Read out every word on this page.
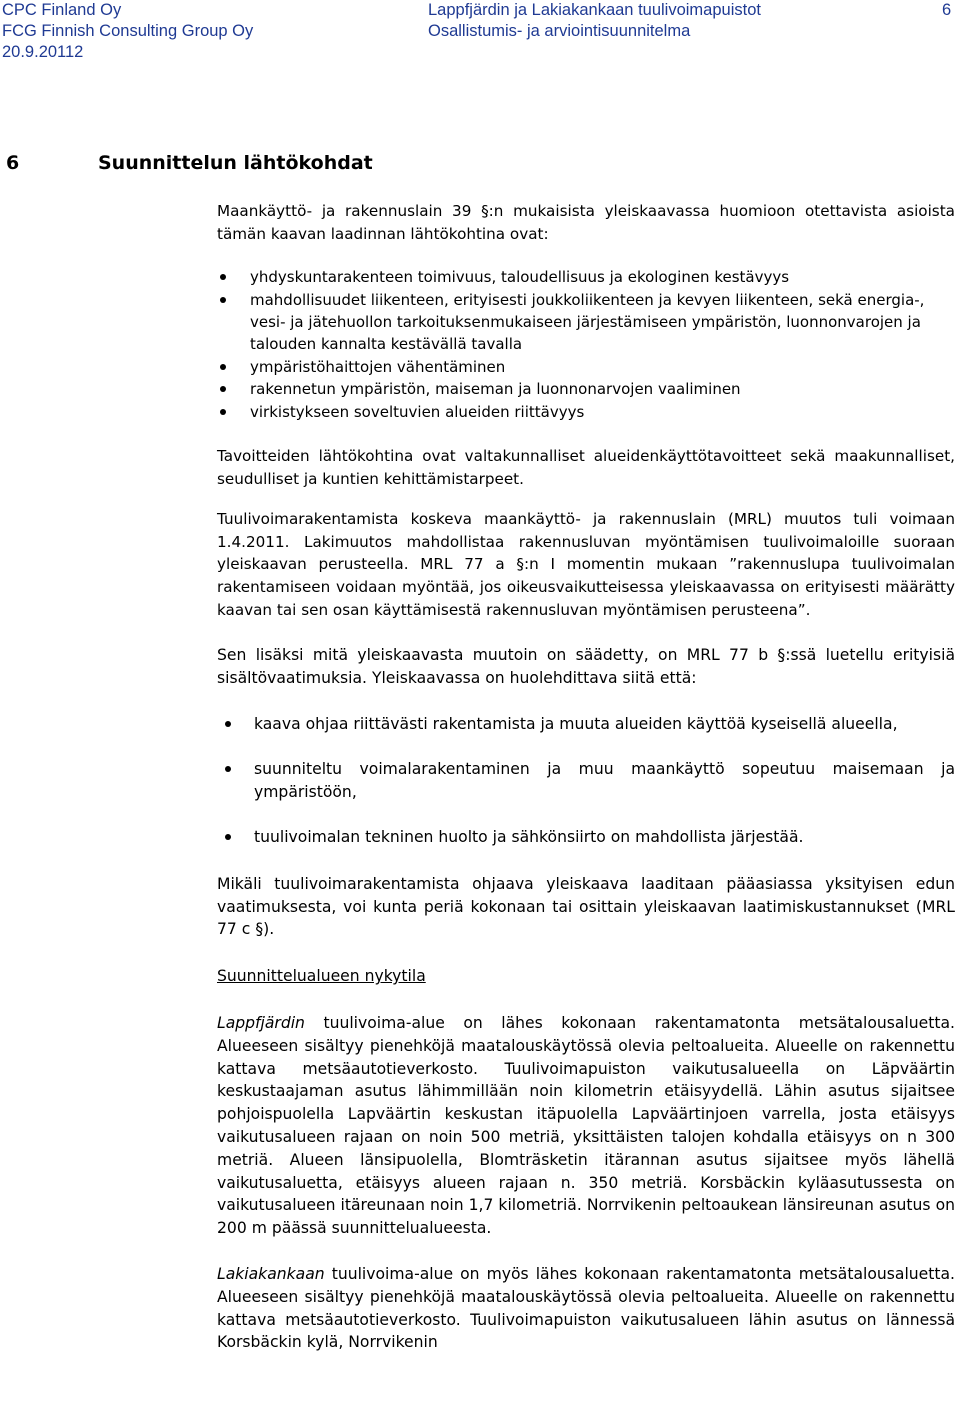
CPC Finland Oy
FCG Finnish Consulting Group Oy
20.9.20112
Lappfjärdin ja Lakiakankaan tuulivoimapuistot
Osallistumis- ja arviointisuunnitelma
6
6	Suunnittelun lähtökohdat

Maankäyttö- ja rakennuslain 39 §:n mukaisista yleiskaavassa huomioon otettavista asioista tämän kaavan laadinnan lähtökohtina ovat:

yhdyskuntarakenteen toimivuus, taloudellisuus ja ekologinen kestävyys
mahdollisuudet liikenteen, erityisesti joukkoliikenteen ja kevyen liikenteen, sekä energia-, vesi- ja jätehuollon tarkoituksenmukaiseen järjestämiseen ympäristön, luonnonvarojen ja talouden kannalta kestävällä tavalla
ympäristöhaittojen vähentäminen
rakennetun ympäristön, maiseman ja luonnonarvojen vaaliminen
virkistykseen soveltuvien alueiden riittävyys

Tavoitteiden lähtökohtina ovat valtakunnalliset alueidenkäyttötavoitteet sekä maakunnalliset, seudulliset ja kuntien kehittämistarpeet.

Tuulivoimarakentamista koskeva maankäyttö- ja rakennuslain (MRL) muutos tuli voimaan 1.4.2011. Lakimuutos mahdollistaa rakennusluvan myöntämisen tuulivoimaloille suoraan yleiskaavan perusteella. MRL 77 a §:n I momentin mukaan ”rakennuslupa tuulivoimalan rakentamiseen voidaan myöntää, jos oikeusvaikutteisessa yleiskaavassa on erityisesti määrätty kaavan tai sen osan käyttämisestä rakennusluvan myöntämisen perusteena”.

Sen lisäksi mitä yleiskaavasta muutoin on säädetty, on MRL 77 b §:ssä luetellu erityisiä sisältövaatimuksia. Yleiskaavassa on huolehdittava siitä että:

kaava ohjaa riittävästi rakentamista ja muuta alueiden käyttöä kyseisellä alueella,
suunniteltu voimalarakentaminen ja muu maankäyttö sopeutuu maisemaan ja ympäristöön,
tuulivoimalan tekninen huolto ja sähkönsiirto on mahdollista järjestää.

Mikäli tuulivoimarakentamista ohjaava yleiskaava laaditaan pääasiassa yksityisen edun vaatimuksesta, voi kunta periä kokonaan tai osittain yleiskaavan laatimiskustannukset (MRL 77 c §).

Suunnittelualueen nykytila

Lappfjärdin tuulivoima-alue on lähes kokonaan rakentamatonta metsätalousaluetta. Alueeseen sisältyy pienehköjä maatalouskäytössä olevia peltoalueita. Alueelle on rakennettu kattava metsäautotieverkosto. Tuulivoimapuiston vaikutusalueella on Läpväärtin keskustaajaman asutus lähimmillään noin kilometrin etäisyydellä. Lähin asutus sijaitsee pohjoispuolella Lapväärtin keskustan itäpuolella Lapväärtinjoen varrella, josta etäisyys vaikutusalueen rajaan on noin 500 metriä, yksittäisten talojen kohdalla etäisyys on n 300 metriä. Alueen länsipuolella, Blomträsketin itärannan asutus sijaitsee myös lähellä vaikutusaluetta, etäisyys alueen rajaan n. 350 metriä. Korsbäckin kyläasutussesta on vaikutusalueen itäreunaan noin 1,7 kilometriä. Norrvikenin peltoaukean länsireunan asutus on 200 m päässä suunnittelualueesta.

Lakiakankaan tuulivoima-alue on myös lähes kokonaan rakentamatonta metsätalousaluetta. Alueeseen sisältyy pienehköjä maatalouskäytössä olevia peltoalueita. Alueelle on rakennettu kattava metsäautotieverkosto. Tuulivoimapuiston vaikutusalueen lähin asutus on lännessä Korsbäckin kylä, Norrvikenin
